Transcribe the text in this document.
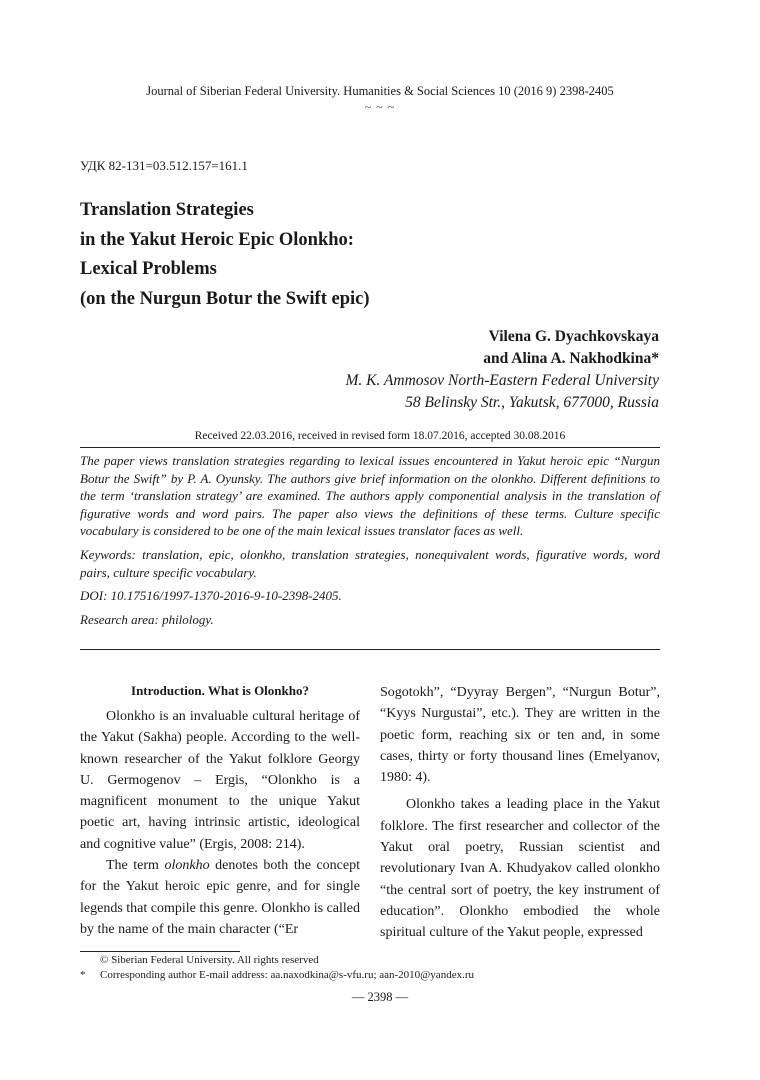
Journal of Siberian Federal University. Humanities & Social Sciences 10 (2016 9) 2398-2405
~ ~ ~
УДК 82-131=03.512.157=161.1
Translation Strategies
in the Yakut Heroic Epic Olonkho:
Lexical Problems
(on the Nurgun Botur the Swift epic)
Vilena G. Dyachkovskaya
and Alina A. Nakhodkina*
M. K. Ammosov North-Eastern Federal University
58 Belinsky Str., Yakutsk, 677000, Russia
Received 22.03.2016, received in revised form 18.07.2016, accepted 30.08.2016

The paper views translation strategies regarding to lexical issues encountered in Yakut heroic epic “Nurgun Botur the Swift” by P. A. Oyunsky. The authors give brief information on the olonkho. Different definitions to the term ‘translation strategy’ are examined. The authors apply componential analysis in the translation of figurative words and word pairs. The paper also views the definitions of these terms. Culture specific vocabulary is considered to be one of the main lexical issues translator faces as well.

Keywords: translation, epic, olonkho, translation strategies, nonequivalent words, figurative words, word pairs, culture specific vocabulary.

DOI: 10.17516/1997-1370-2016-9-10-2398-2405.

Research area: philology.

Introduction. What is Olonkho?

Olonkho is an invaluable cultural heritage of the Yakut (Sakha) people. According to the well-known researcher of the Yakut folklore Georgy U. Germogenov – Ergis, “Olonkho is a magnificent monument to the unique Yakut poetic art, having intrinsic artistic, ideological and cognitive value” (Ergis, 2008: 214).

The term olonkho denotes both the concept for the Yakut heroic epic genre, and for single legends that compile this genre. Olonkho is called by the name of the main character (“Er

Sogotokh”, “Dyyray Bergen”, “Nurgun Botur”, “Kyys Nurgustai”, etc.). They are written in the poetic form, reaching six or ten and, in some cases, thirty or forty thousand lines (Emelyanov, 1980: 4).

Olonkho takes a leading place in the Yakut folklore. The first researcher and collector of the Yakut oral poetry, Russian scientist and revolutionary Ivan A. Khudyakov called olonkho “the central sort of poetry, the key instrument of education”. Olonkho embodied the whole spiritual culture of the Yakut people, expressed

© Siberian Federal University. All rights reserved
* Corresponding author E-mail address: aa.naxodkina@s-vfu.ru; aan-2010@yandex.ru
— 2398 —
